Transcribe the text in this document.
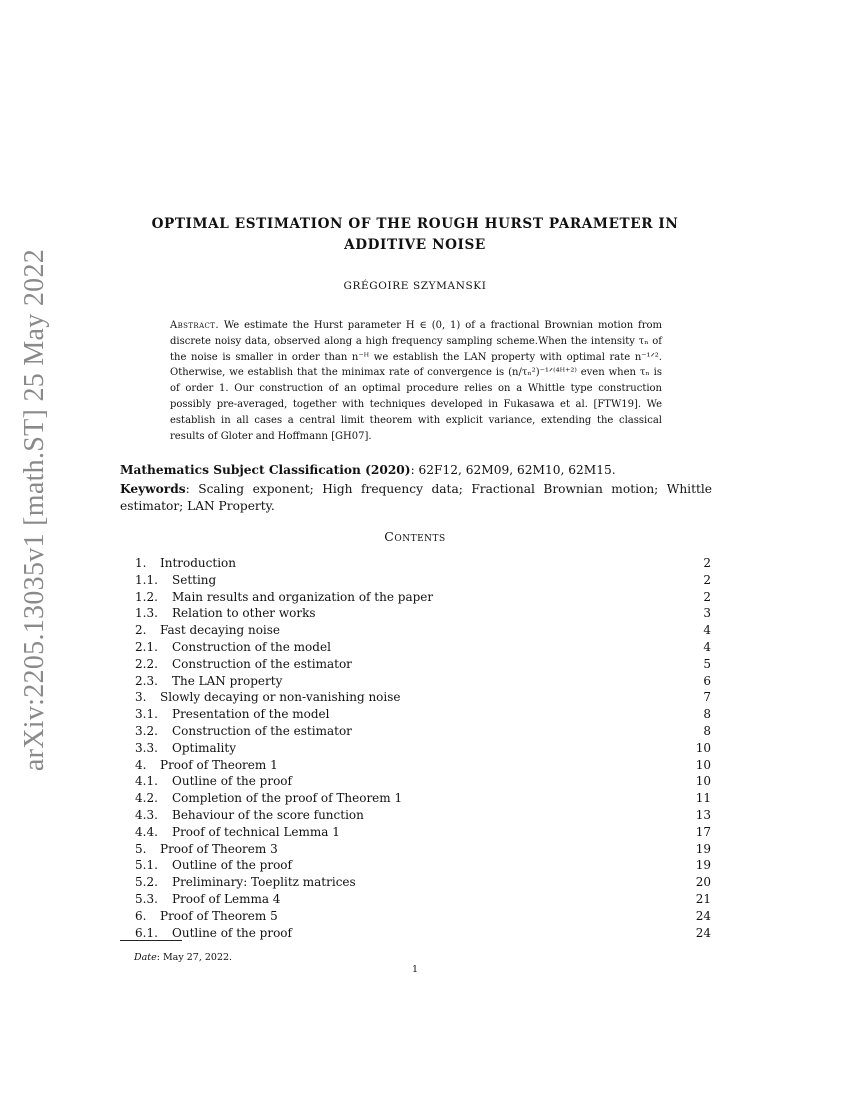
arXiv:2205.13035v1 [math.ST] 25 May 2022
OPTIMAL ESTIMATION OF THE ROUGH HURST PARAMETER IN
ADDITIVE NOISE
GRÉGOIRE SZYMANSKI
Abstract. We estimate the Hurst parameter H ∈ (0, 1) of a fractional Brownian motion from discrete noisy data, observed along a high frequency sampling scheme.When the intensity τₙ of the noise is smaller in order than n⁻ᴴ we establish the LAN property with optimal rate n⁻¹ᐟ². Otherwise, we establish that the minimax rate of convergence is (n/τₙ²)⁻¹ᐟ⁽⁴ᴴ⁺²⁾ even when τₙ is of order 1. Our construction of an optimal procedure relies on a Whittle type construction possibly pre-averaged, together with techniques developed in Fukasawa et al. [FTW19]. We establish in all cases a central limit theorem with explicit variance, extending the classical results of Gloter and Hoffmann [GH07].
Mathematics Subject Classification (2020): 62F12, 62M09, 62M10, 62M15.
Keywords: Scaling exponent; High frequency data; Fractional Brownian motion; Whittle estimator; LAN Property.
Contents
1.	Introduction	2
1.1.	Setting	2
1.2.	Main results and organization of the paper	2
1.3.	Relation to other works	3
2.	Fast decaying noise	4
2.1.	Construction of the model	4
2.2.	Construction of the estimator	5
2.3.	The LAN property	6
3.	Slowly decaying or non-vanishing noise	7
3.1.	Presentation of the model	8
3.2.	Construction of the estimator	8
3.3.	Optimality	10
4.	Proof of Theorem 1	10
4.1.	Outline of the proof	10
4.2.	Completion of the proof of Theorem 1	11
4.3.	Behaviour of the score function	13
4.4.	Proof of technical Lemma 1	17
5.	Proof of Theorem 3	19
5.1.	Outline of the proof	19
5.2.	Preliminary: Toeplitz matrices	20
5.3.	Proof of Lemma 4	21
6.	Proof of Theorem 5	24
6.1.	Outline of the proof	24
Date: May 27, 2022.
1
